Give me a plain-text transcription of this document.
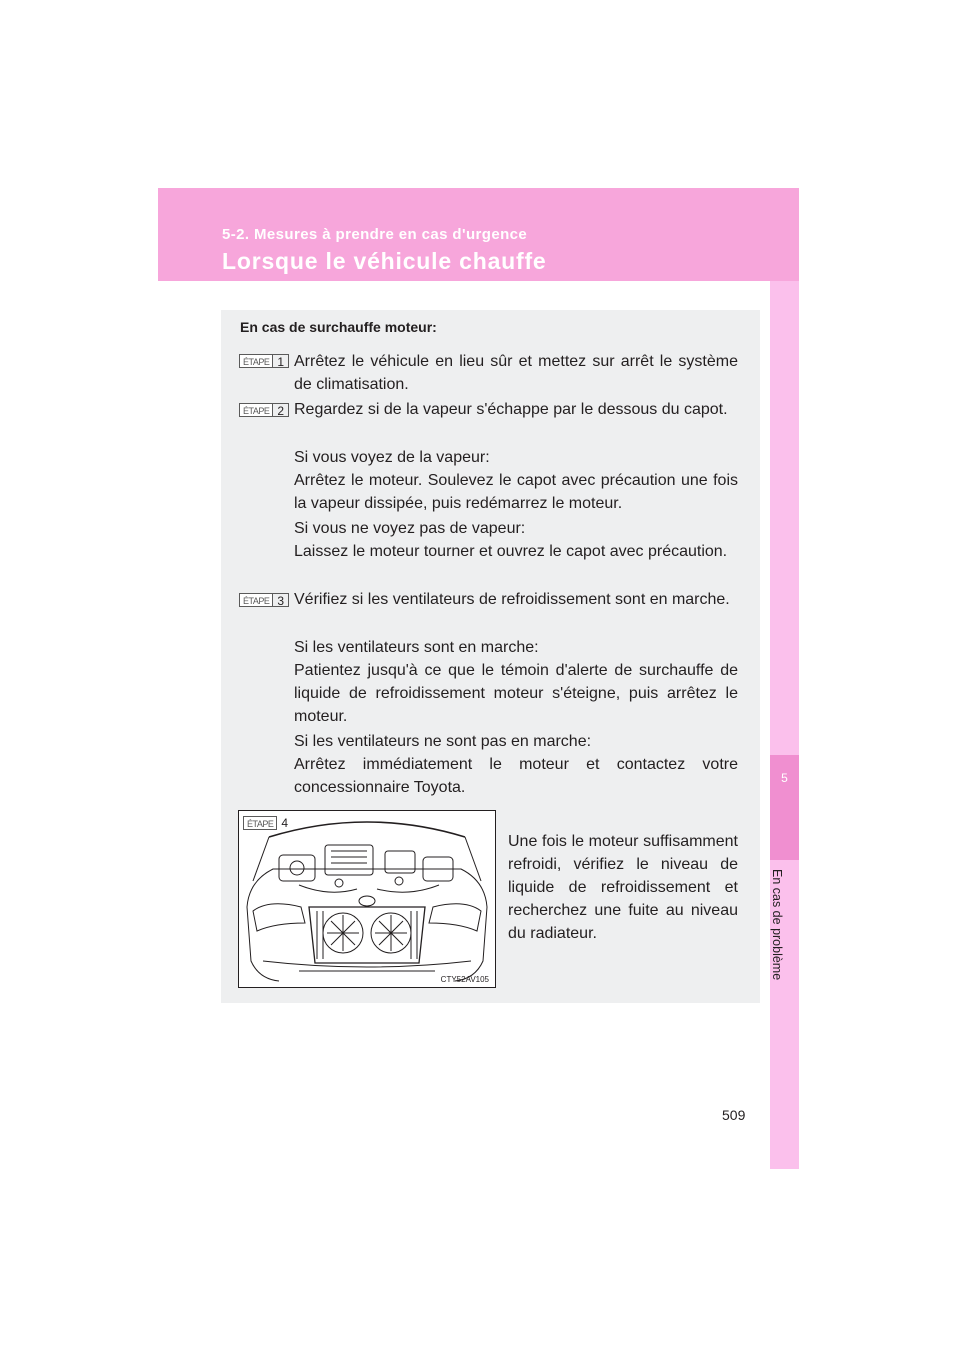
5-2. Mesures à prendre en cas d'urgence
Lorsque le véhicule chauffe
5
En cas de problème
509
En cas de surchauffe moteur:
ÉTAPE 1 Arrêtez le véhicule en lieu sûr et mettez sur arrêt le système de climatisation.

ÉTAPE 2 Regardez si de la vapeur s'échappe par le dessous du capot.

Si vous voyez de la vapeur:

Arrêtez le moteur. Soulevez le capot avec précaution une fois la vapeur dissipée, puis redémarrez le moteur.

Si vous ne voyez pas de vapeur:

Laissez le moteur tourner et ouvrez le capot avec précaution.

ÉTAPE 3 Vérifiez si les ventilateurs de refroidissement sont en marche.

Si les ventilateurs sont en marche:

Patientez jusqu'à ce que le témoin d'alerte de surchauffe de liquide de refroidissement moteur s'éteigne, puis arrêtez le moteur.

Si les ventilateurs ne sont pas en marche:

Arrêtez immédiatement le moteur et contactez votre concessionnaire Toyota.

ÉTAPE 4
CTY52AV105

Une fois le moteur suffisamment refroidi, vérifiez le niveau de liquide de refroidissement et recherchez une fuite au niveau du radiateur.
